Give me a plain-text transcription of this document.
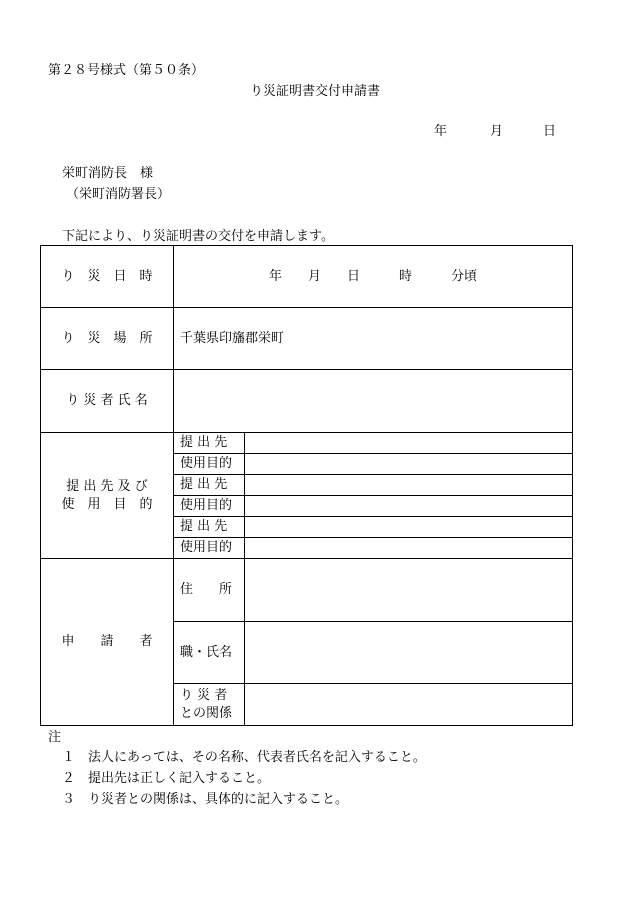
第２８号様式（第５０条）
り災証明書交付申請書
年	月	日
栄町消防長　様
（栄町消防署長）
下記により、り災証明書の交付を申請します。
り　災　日　時	年　　月　　日　　　時　　　分頃	
り　災　場　所	千葉県印旛郡栄町	
り 災 者 氏 名		

提 出 先 及 び
使　用　目　的	提 出 先	
	使用目的	
	提 出 先	
	使用目的	
	提 出 先	
	使用目的	
申　　請　　者	住　　所	
	職・氏名	

	り 災 者
との関係	

注
１　法人にあっては、その名称、代表者氏名を記入すること。
２　提出先は正しく記入すること。
３　り災者との関係は、具体的に記入すること。
